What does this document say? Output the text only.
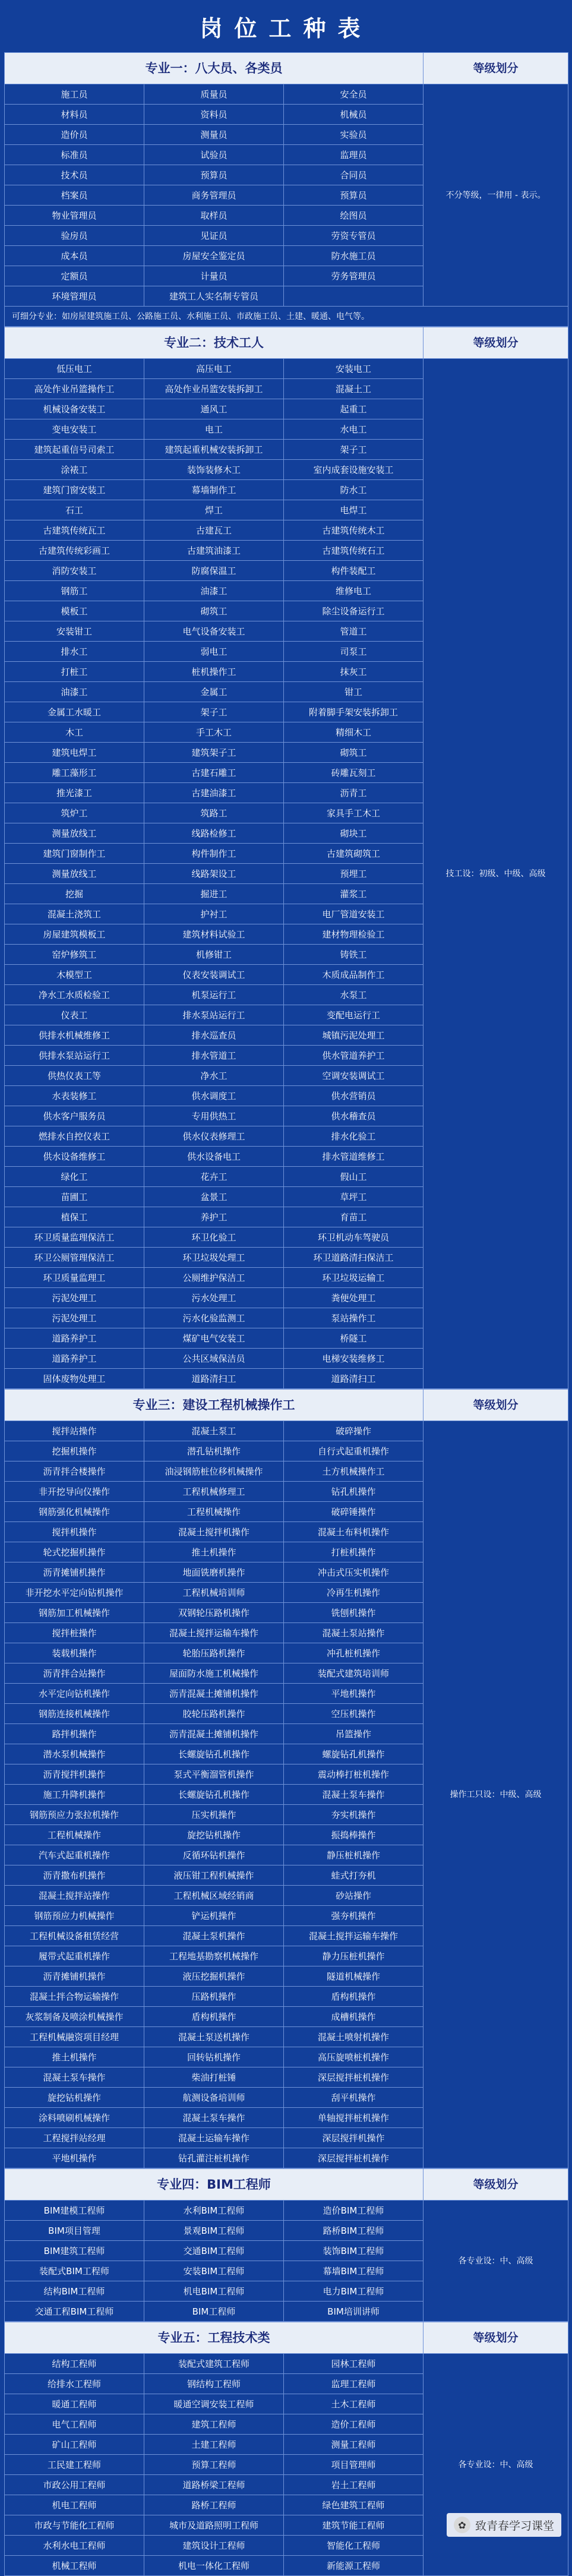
岗位工种表
专业一：八大员、各类员			等级划分
施工员	质量员	安全员	不分等级，一律用 - 表示。
材料员	资料员	机械员	
造价员	测量员	实验员	
标准员	试验员	监理员	
技术员	预算员	合同员	
档案员	商务管理员	预算员	
物业管理员	取样员	绘图员	
验房员	见证员	劳资专管员	
成本员	房屋安全鉴定员	防水施工员	
定额员	计量员	劳务管理员	
环境管理员	建筑工人实名制专管员		
可细分专业：如房屋建筑施工员、公路施工员、水利施工员、市政施工员、土建、暖通、电气等。			
专业二：技术工人			等级划分
低压电工	高压电工	安装电工	技工设：初级、中级、高级
高处作业吊篮操作工	高处作业吊篮安装拆卸工	混凝土工	
机械设备安装工	通风工	起重工	
变电安装工	电工	水电工	
建筑起重信号司索工	建筑起重机械安装拆卸工	架子工	
涂裱工	装饰装修木工	室内成套设施安装工	
建筑门窗安装工	幕墙制作工	防水工	
石工	焊工	电焊工	
古建筑传统瓦工	古建瓦工	古建筑传统木工	
古建筑传统彩画工	古建筑油漆工	古建筑传统石工	
消防安装工	防腐保温工	构件装配工	
钢筋工	油漆工	维修电工	
模板工	砌筑工	除尘设备运行工	
安装钳工	电气设备安装工	管道工	
排水工	弱电工	司泵工	
打桩工	桩机操作工	抹灰工	
油漆工	金属工	钳工	
金属工水暖工	架子工	附着脚手架安装拆卸工	
木工	手工木工	精细木工	
建筑电焊工	建筑架子工	砌筑工	
雕工藻形工	古建石雕工	砖雕瓦刻工	
推光漆工	古建油漆工	沥青工	
筑炉工	筑路工	家具手工木工	
测量放线工	线路检修工	砌块工	
建筑门窗制作工	构件制作工	古建筑砌筑工	
测量放线工	线路架设工	预埋工	
挖掘	掘进工	灌浆工	
混凝土浇筑工	护衬工	电厂管道安装工	
房屋建筑模板工	建筑材料试验工	建材物理检验工	
窑炉修筑工	机修钳工	铸铁工	
木模型工	仪表安装调试工	木质成品制作工	
净水工水质检验工	机泵运行工	水泵工	
仪表工	排水泵站运行工	变配电运行工	
供排水机械维修工	排水巡查员	城镇污泥处理工	
供排水泵站运行工	排水管道工	供水管道养护工	
供热仪表工等	净水工	空调安装调试工	
水表装修工	供水调度工	供水营销员	
供水客户服务员	专用供热工	供水稽查员	
燃排水自控仪表工	供水仪表修理工	排水化验工	
供水设备维修工	供水设备电工	排水管道维修工	
绿化工	花卉工	假山工	
苗圃工	盆景工	草坪工	
植保工	养护工	育苗工	
环卫质量监理保洁工	环卫化验工	环卫机动车驾驶员	
环卫公厕管理保洁工	环卫垃圾处理工	环卫道路清扫保洁工	
环卫质量监理工	公厕维护保洁工	环卫垃圾运输工	
污泥处理工	污水处理工	粪便处理工	
污泥处理工	污水化验监测工	泵站操作工	
道路养护工	煤矿电气安装工	桥隧工	
道路养护工	公共区域保洁员	电梯安装维修工	
固体废物处理工	道路清扫工	道路清扫工	
专业三：建设工程机械操作工			等级划分
搅拌站操作	混凝土泵工	破碎操作	操作工只设：中级、高级
挖掘机操作	潜孔钻机操作	自行式起重机操作	
沥青拌合楼操作	油浸钢筋桩位移机械操作	土方机械操作工	
非开挖导向仪操作	工程机械修理工	钻孔机操作	
钢筋强化机械操作	工程机械操作	破碎锤操作	
搅拌机操作	混凝土搅拌机操作	混凝土布料机操作	
轮式挖掘机操作	推土机操作	打桩机操作	
沥青摊铺机操作	地面铣磨机操作	冲击式压实机操作	
非开挖水平定向钻机操作	工程机械培训师	冷再生机操作	
钢筋加工机械操作	双钢轮压路机操作	铣刨机操作	
搅拌桩操作	混凝土搅拌运输车操作	混凝土泵站操作	
装载机操作	轮胎压路机操作	冲孔桩机操作	
沥青拌合站操作	屋面防水施工机械操作	装配式建筑培训师	
水平定向钻机操作	沥青混凝土摊铺机操作	平地机操作	
钢筋连接机械操作	胶轮压路机操作	空压机操作	
路拌机操作	沥青混凝土摊铺机操作	吊篮操作	
潜水泵机械操作	长螺旋钻孔机操作	螺旋钻孔机操作	
沥青搅拌机操作	泵式平衡溜管机操作	震动棒打桩机操作	
施工升降机操作	长螺旋钻孔机操作	混凝土泵车操作	
钢筋预应力张拉机操作	压实机操作	夯实机操作	
工程机械操作	旋挖钻机操作	振捣棒操作	
汽车式起重机操作	反循环钻机操作	静压桩机操作	
沥青撒布机操作	液压钳工程机械操作	蛙式打夯机	
混凝土搅拌站操作	工程机械区域经销商	砂站操作	
钢筋预应力机械操作	铲运机操作	强夯机操作	
工程机械设备租赁经营	混凝土泵机操作	混凝土搅拌运输车操作	
履带式起重机操作	工程地基勘察机械操作	静力压桩机操作	
沥青摊铺机操作	液压挖掘机操作	隧道机械操作	
混凝土拌合物运输操作	压路机操作	盾构机操作	
灰浆制备及喷涂机械操作	盾构机操作	成槽机操作	
工程机械融资项目经理	混凝土泵送机操作	混凝土喷射机操作	
推土机操作	回转钻机操作	高压旋喷桩机操作	
混凝土泵车操作	柴油打桩锤	深层搅拌桩机操作	
旋挖钻机操作	航测设备培训师	刮平机操作	
涂料喷刷机械操作	混凝土泵车操作	单轴搅拌桩机操作	
工程搅拌站经理	混凝土运输车操作	深层搅拌机操作	
平地机操作	钻孔灌注桩机操作	深层搅拌桩机操作	
专业四：BIM工程师			等级划分
BIM建模工程师	水利BIM工程师	造价BIM工程师	各专业设：中、高级
BIM项目管理	景观BIM工程师	路桥BIM工程师	
BIM建筑工程师	交通BIM工程师	装饰BIM工程师	
装配式BIM工程师	安装BIM工程师	幕墙BIM工程师	
结构BIM工程师	机电BIM工程师	电力BIM工程师	
交通工程BIM工程师	BIM工程师	BIM培训讲师	
专业五：工程技术类			等级划分
结构工程师	装配式建筑工程师	园林工程师	各专业设：中、高级
给排水工程师	钢结构工程师	监理工程师	
暖通工程师	暖通空调安装工程师	土木工程师	
电气工程师	建筑工程师	造价工程师	
矿山工程师	土建工程师	测量工程师	
工民建工程师	预算工程师	项目管理师	
市政公用工程师	道路桥梁工程师	岩土工程师	
机电工程师	路桥工程师	绿色建筑工程师	
市政与节能化工程师	城市及道路照明工程师	建筑节能工程师	
水利水电工程师	建筑设计工程师	智能化工程师	
机械工程师	机电一体化工程师	新能源工程师	
✿ 致青春学习课堂
